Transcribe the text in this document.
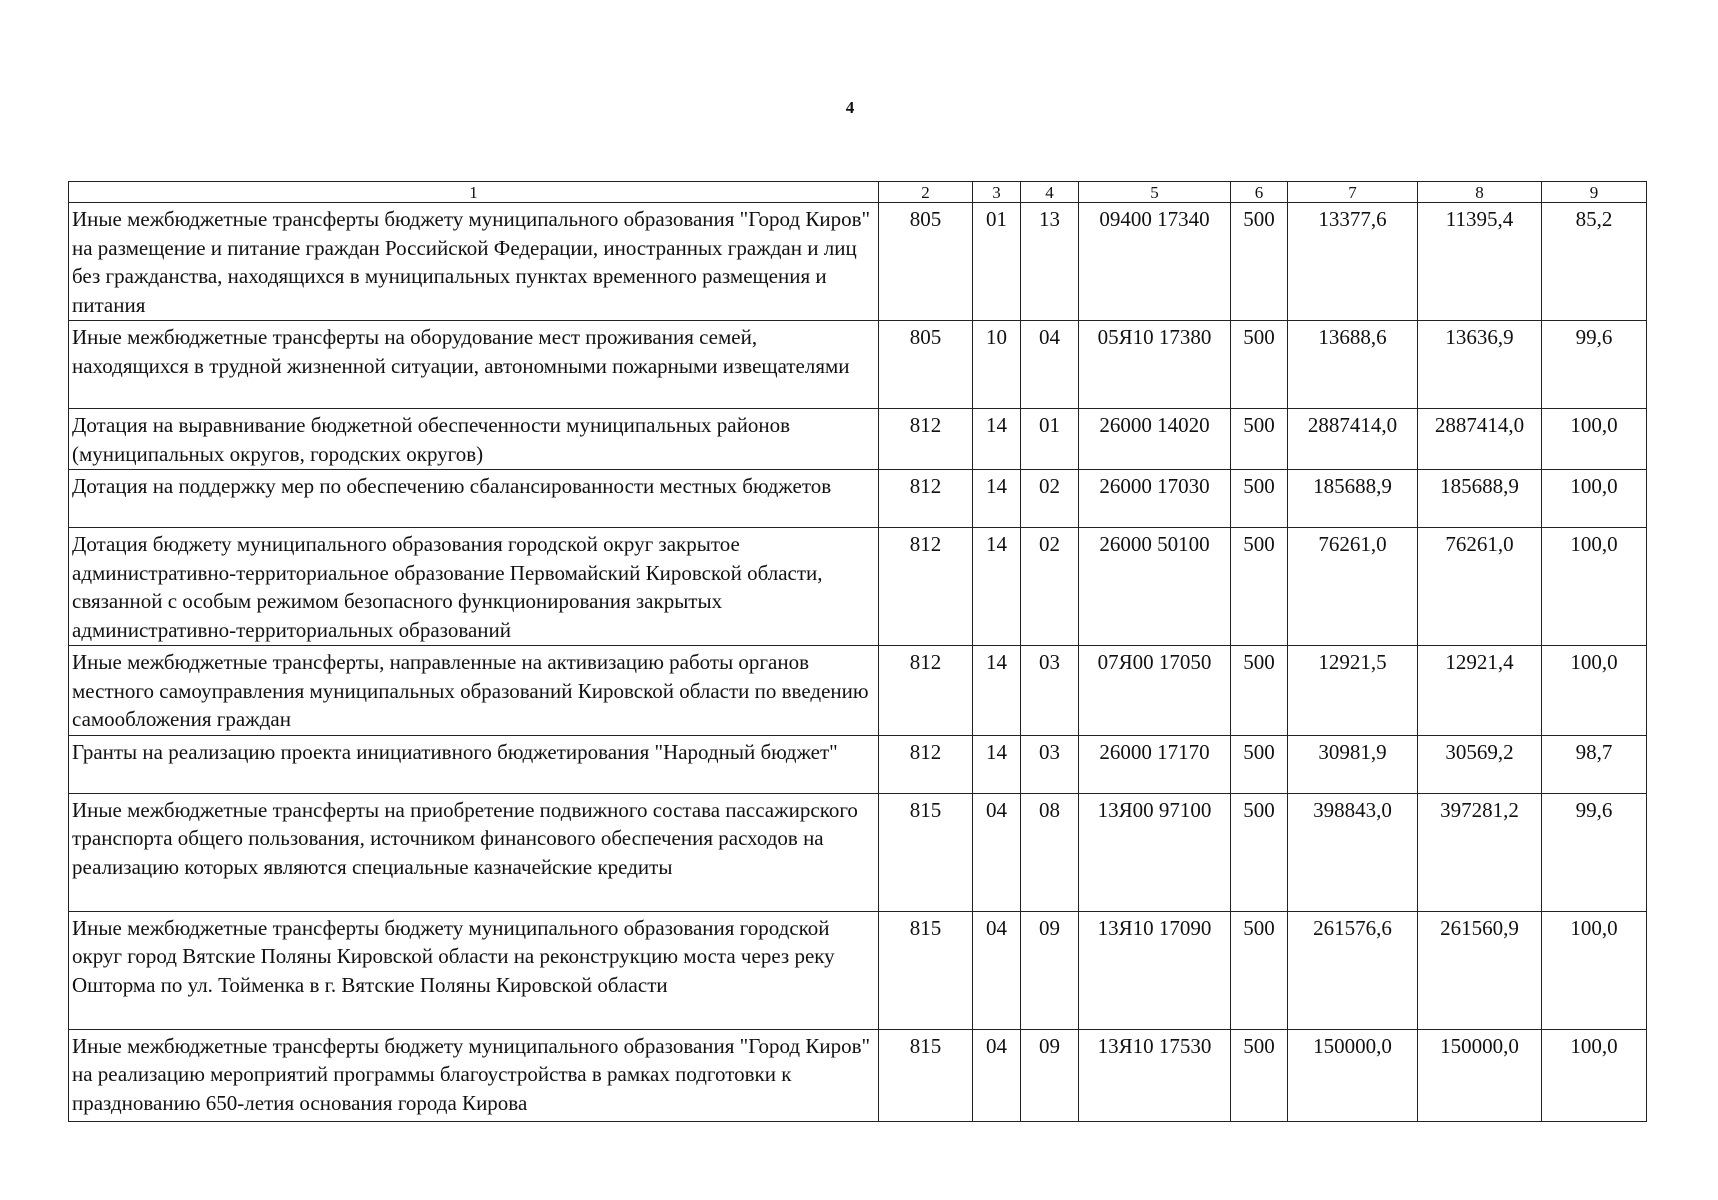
4
1	2	3	4	5	6	7	8	9
Иные межбюджетные трансферты бюджету муниципального образования "Город Киров" на размещение и питание граждан Российской Федерации, иностранных граждан и лиц без гражданства, находящихся в муниципальных пунктах временного размещения и питания	805	01	13	09400 17340	500	13377,6	11395,4	85,2
Иные межбюджетные трансферты на оборудование мест проживания семей, находящихся в трудной жизненной ситуации, автономными пожарными извещателями	805	10	04	05Я10 17380	500	13688,6	13636,9	99,6
Дотация на выравнивание бюджетной обеспеченности муниципальных районов (муниципальных округов, городских округов)	812	14	01	26000 14020	500	2887414,0	2887414,0	100,0
Дотация на поддержку мер по обеспечению сбалансированности местных бюджетов	812	14	02	26000 17030	500	185688,9	185688,9	100,0
Дотация бюджету муниципального образования городской округ закрытое административно-территориальное образование Первомайский Кировской области, связанной с особым режимом безопасного функционирования закрытых административно-территориальных образований	812	14	02	26000 50100	500	76261,0	76261,0	100,0
Иные межбюджетные трансферты, направленные на активизацию работы органов местного самоуправления муниципальных образований Кировской области по введению самообложения граждан	812	14	03	07Я00 17050	500	12921,5	12921,4	100,0
Гранты на реализацию проекта инициативного бюджетирования "Народный бюджет"	812	14	03	26000 17170	500	30981,9	30569,2	98,7
Иные межбюджетные трансферты на приобретение подвижного состава пассажирского транспорта общего пользования, источником финансового обеспечения расходов на реализацию которых являются специальные казначейские кредиты	815	04	08	13Я00 97100	500	398843,0	397281,2	99,6
Иные межбюджетные трансферты бюджету муниципального образования городской округ город Вятские Поляны Кировской области на реконструкцию моста через реку Ошторма по ул. Тойменка в г. Вятские Поляны Кировской области	815	04	09	13Я10 17090	500	261576,6	261560,9	100,0
Иные межбюджетные трансферты бюджету муниципального образования "Город Киров" на реализацию мероприятий программы благоустройства в рамках подготовки к празднованию 650-летия основания города Кирова	815	04	09	13Я10 17530	500	150000,0	150000,0	100,0
